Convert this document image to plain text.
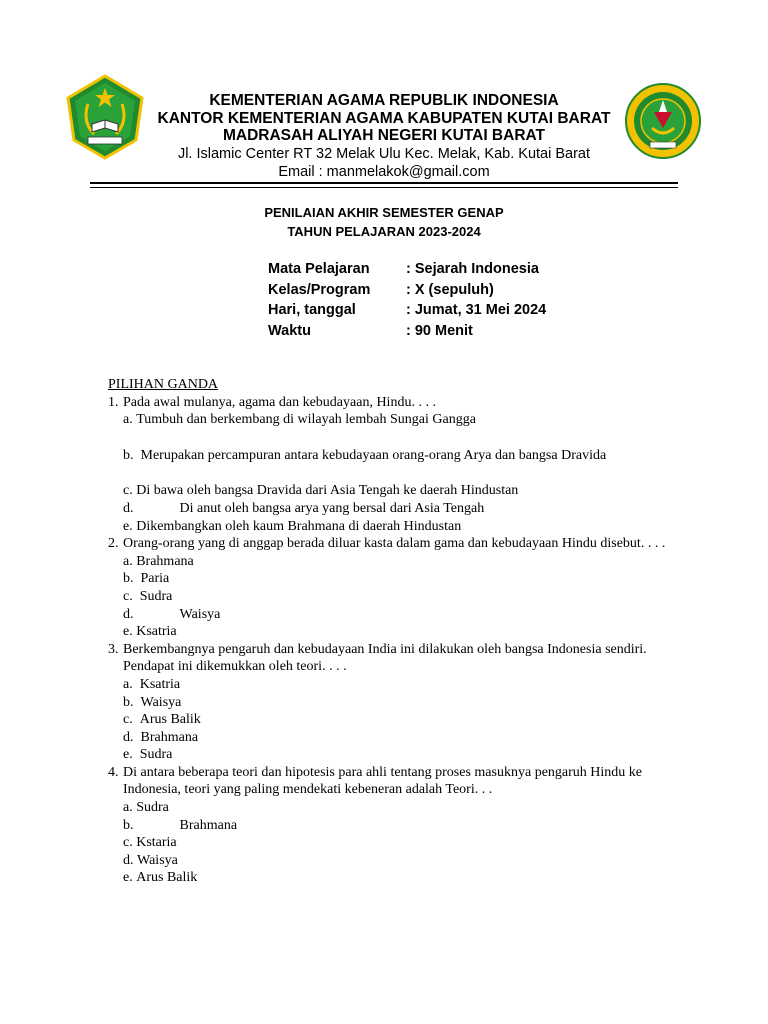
KEMENTERIAN AGAMA REPUBLIK INDONESIA
KANTOR KEMENTERIAN AGAMA KABUPATEN KUTAI BARAT
MADRASAH ALIYAH NEGERI KUTAI BARAT
Jl. Islamic Center RT 32 Melak Ulu Kec. Melak, Kab. Kutai Barat
Email : manmelakok@gmail.com
PENILAIAN AKHIR SEMESTER GENAP
TAHUN PELAJARAN 2023-2024
Mata Pelajaran	: Sejarah Indonesia
Kelas/Program : X (sepuluh)
Hari, tanggal	: Jumat, 31 Mei 2024
Waktu	: 90 Menit
PILIHAN GANDA
1. Pada awal mulanya, agama dan kebudayaan, Hindu. . . .
a. Tumbuh dan berkembang di wilayah lembah Sungai Gangga
b. Merupakan percampuran antara kebudayaan orang-orang Arya dan bangsa Dravida
c. Di bawa oleh bangsa Dravida dari Asia Tengah ke daerah Hindustan
d.	Di anut oleh bangsa arya yang bersal dari Asia Tengah
e. Dikembangkan oleh kaum Brahmana di daerah Hindustan
2. Orang-orang yang di anggap berada diluar kasta dalam gama dan kebudayaan Hindu disebut. . . .
a. Brahmana
b. Paria
c. Sudra
d.	Waisya
e. Ksatria
3. Berkembangnya pengaruh dan kebudayaan India ini dilakukan oleh bangsa Indonesia sendiri. Pendapat ini dikemukkan oleh teori. . . .
a. Ksatria
b. Waisya
c. Arus Balik
d. Brahmana
e. Sudra
4. Di antara beberapa teori dan hipotesis para ahli tentang proses masuknya pengaruh Hindu ke Indonesia, teori yang paling mendekati kebeneran adalah Teori. . .
a. Sudra
b.	Brahmana
c. Kstaria
d. Waisya
e. Arus Balik
